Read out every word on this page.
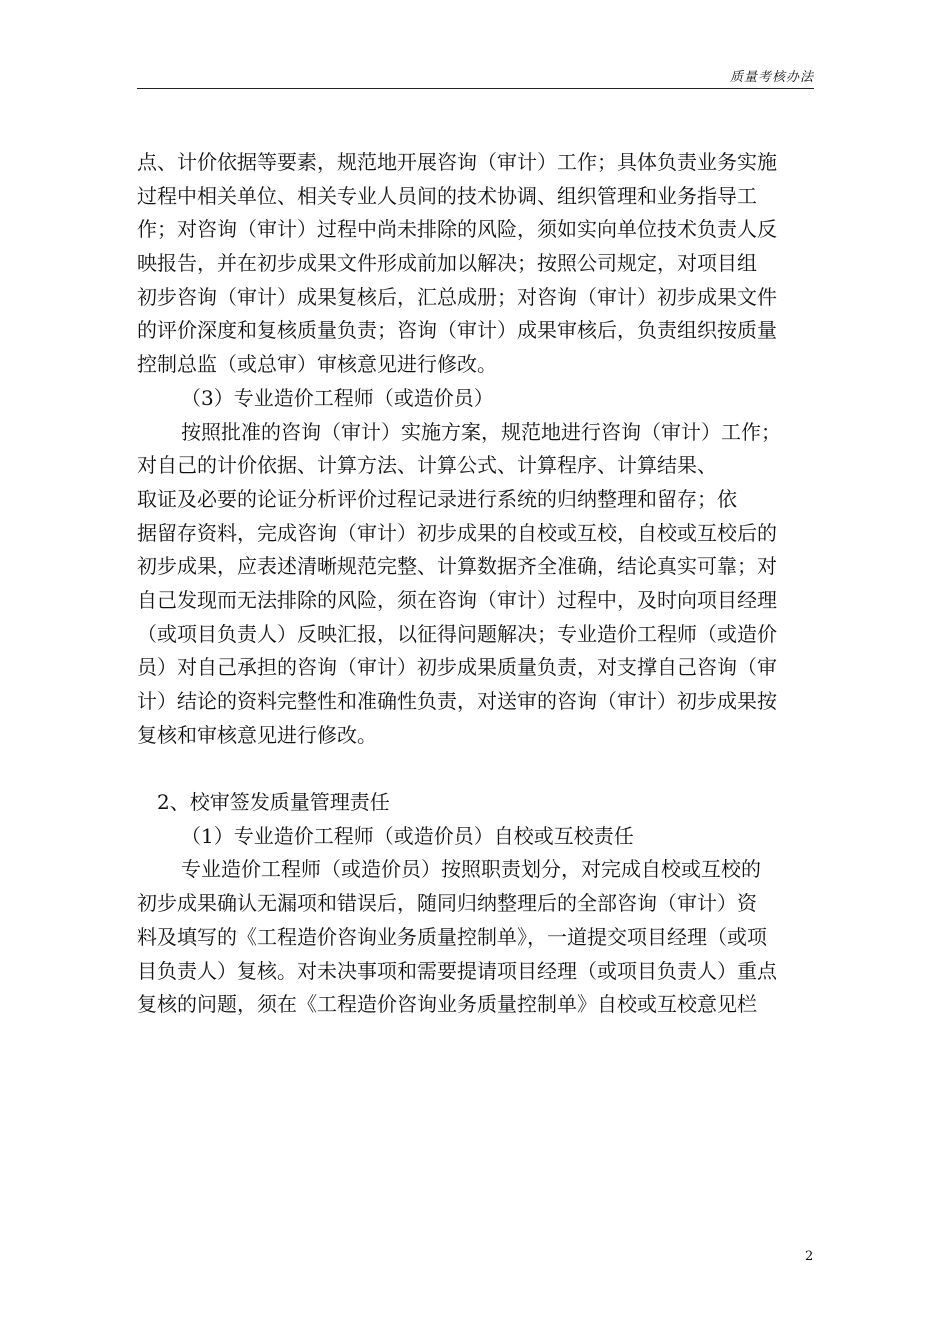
质量考核办法
点、计价依据等要素，规范地开展咨询（审计）工作；具体负责业务实施
过程中相关单位、相关专业人员间的技术协调、组织管理和业务指导工
作；对咨询（审计）过程中尚未排除的风险，须如实向单位技术负责人反
映报告，并在初步成果文件形成前加以解决；按照公司规定，对项目组
初步咨询（审计）成果复核后，汇总成册；对咨询（审计）初步成果文件
的评价深度和复核质量负责；咨询（审计）成果审核后，负责组织按质量
控制总监（或总审）审核意见进行修改。
（3）专业造价工程师（或造价员）
按照批准的咨询（审计）实施方案，规范地进行咨询（审计）工作；
对自己的计价依据、计算方法、计算公式、计算程序、计算结果、
取证及必要的论证分析评价过程记录进行系统的归纳整理和留存；依
据留存资料，完成咨询（审计）初步成果的自校或互校，自校或互校后的
初步成果，应表述清晰规范完整、计算数据齐全准确，结论真实可靠；对
自己发现而无法排除的风险，须在咨询（审计）过程中，及时向项目经理
（或项目负责人）反映汇报，以征得问题解决；专业造价工程师（或造价
员）对自己承担的咨询（审计）初步成果质量负责，对支撑自己咨询（审
计）结论的资料完整性和准确性负责，对送审的咨询（审计）初步成果按
复核和审核意见进行修改。
2、校审签发质量管理责任
（1）专业造价工程师（或造价员）自校或互校责任
专业造价工程师（或造价员）按照职责划分，对完成自校或互校的
初步成果确认无漏项和错误后，随同归纳整理后的全部咨询（审计）资
料及填写的《工程造价咨询业务质量控制单》，一道提交项目经理（或项
目负责人）复核。对未决事项和需要提请项目经理（或项目负责人）重点
复核的问题，须在《工程造价咨询业务质量控制单》自校或互校意见栏
2
